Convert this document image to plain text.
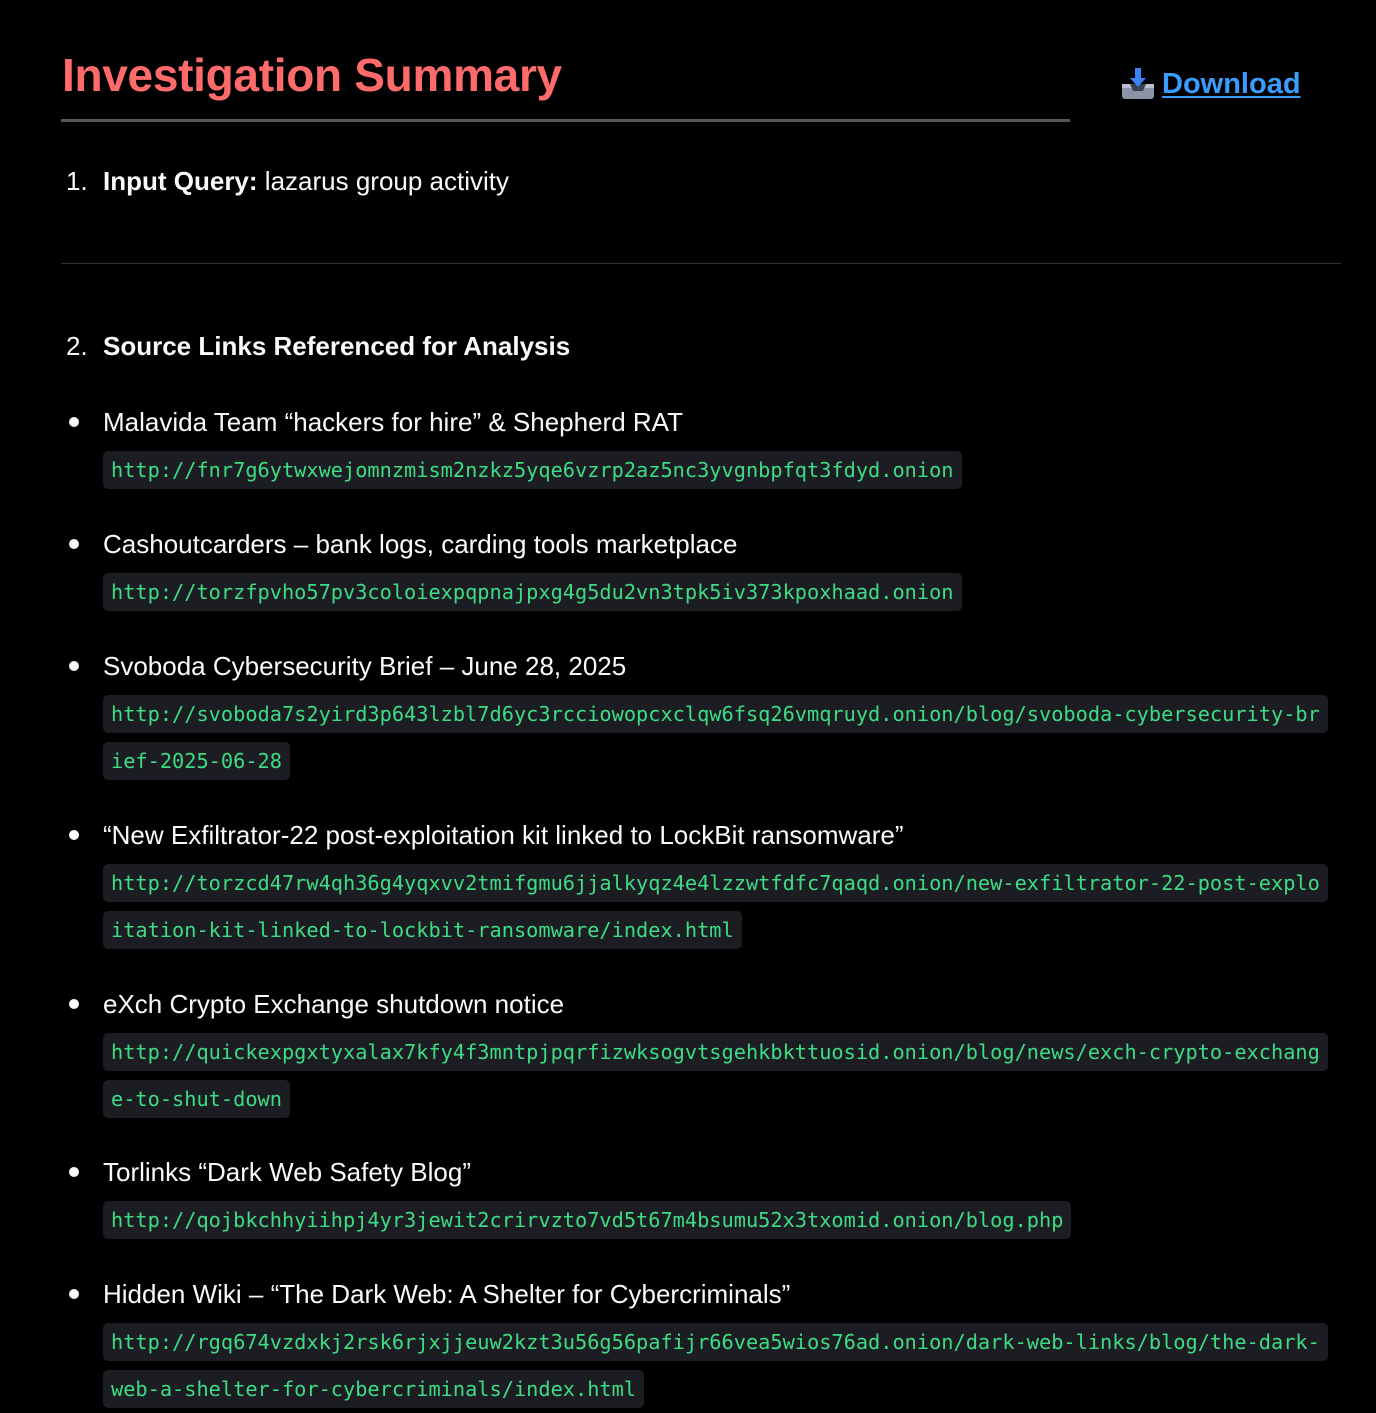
Investigation Summary	Download
1. Input Query: lazarus group activity
2. Source Links Referenced for Analysis
Malavida Team “hackers for hire” & Shepherd RAT
http://fnr7g6ytwxwejomnzmism2nzkz5yqe6vzrp2az5nc3yvgnbpfqt3fdyd.onion
Cashoutcarders – bank logs, carding tools marketplace
http://torzfpvho57pv3coloiexpqpnajpxg4g5du2vn3tpk5iv373kpoxhaad.onion
Svoboda Cybersecurity Brief – June 28, 2025
http://svoboda7s2yird3p643lzbl7d6yc3rcciowopcxclqw6fsq26vmqruyd.onion/blog/svoboda-cybersecurity-brief-2025-06-28
“New Exfiltrator-22 post-exploitation kit linked to LockBit ransomware”
http://torzcd47rw4qh36g4yqxvv2tmifgmu6jjalkyqz4e4lzzwtfdfc7qaqd.onion/new-exfiltrator-22-post-exploitation-kit-linked-to-lockbit-ransomware/index.html
eXch Crypto Exchange shutdown notice
http://quickexpgxtyxalax7kfy4f3mntpjpqrfizwksogvtsgehkbkttuosid.onion/blog/news/exch-crypto-exchange-to-shut-down
Torlinks “Dark Web Safety Blog”
http://qojbkchhyiihpj4yr3jewit2crirvzto7vd5t67m4bsumu52x3txomid.onion/blog.php
Hidden Wiki – “The Dark Web: A Shelter for Cybercriminals”
http://rgq674vzdxkj2rsk6rjxjjeuw2kzt3u56g56pafijr66vea5wios76ad.onion/dark-web-links/blog/the-dark-web-a-shelter-for-cybercriminals/index.html
